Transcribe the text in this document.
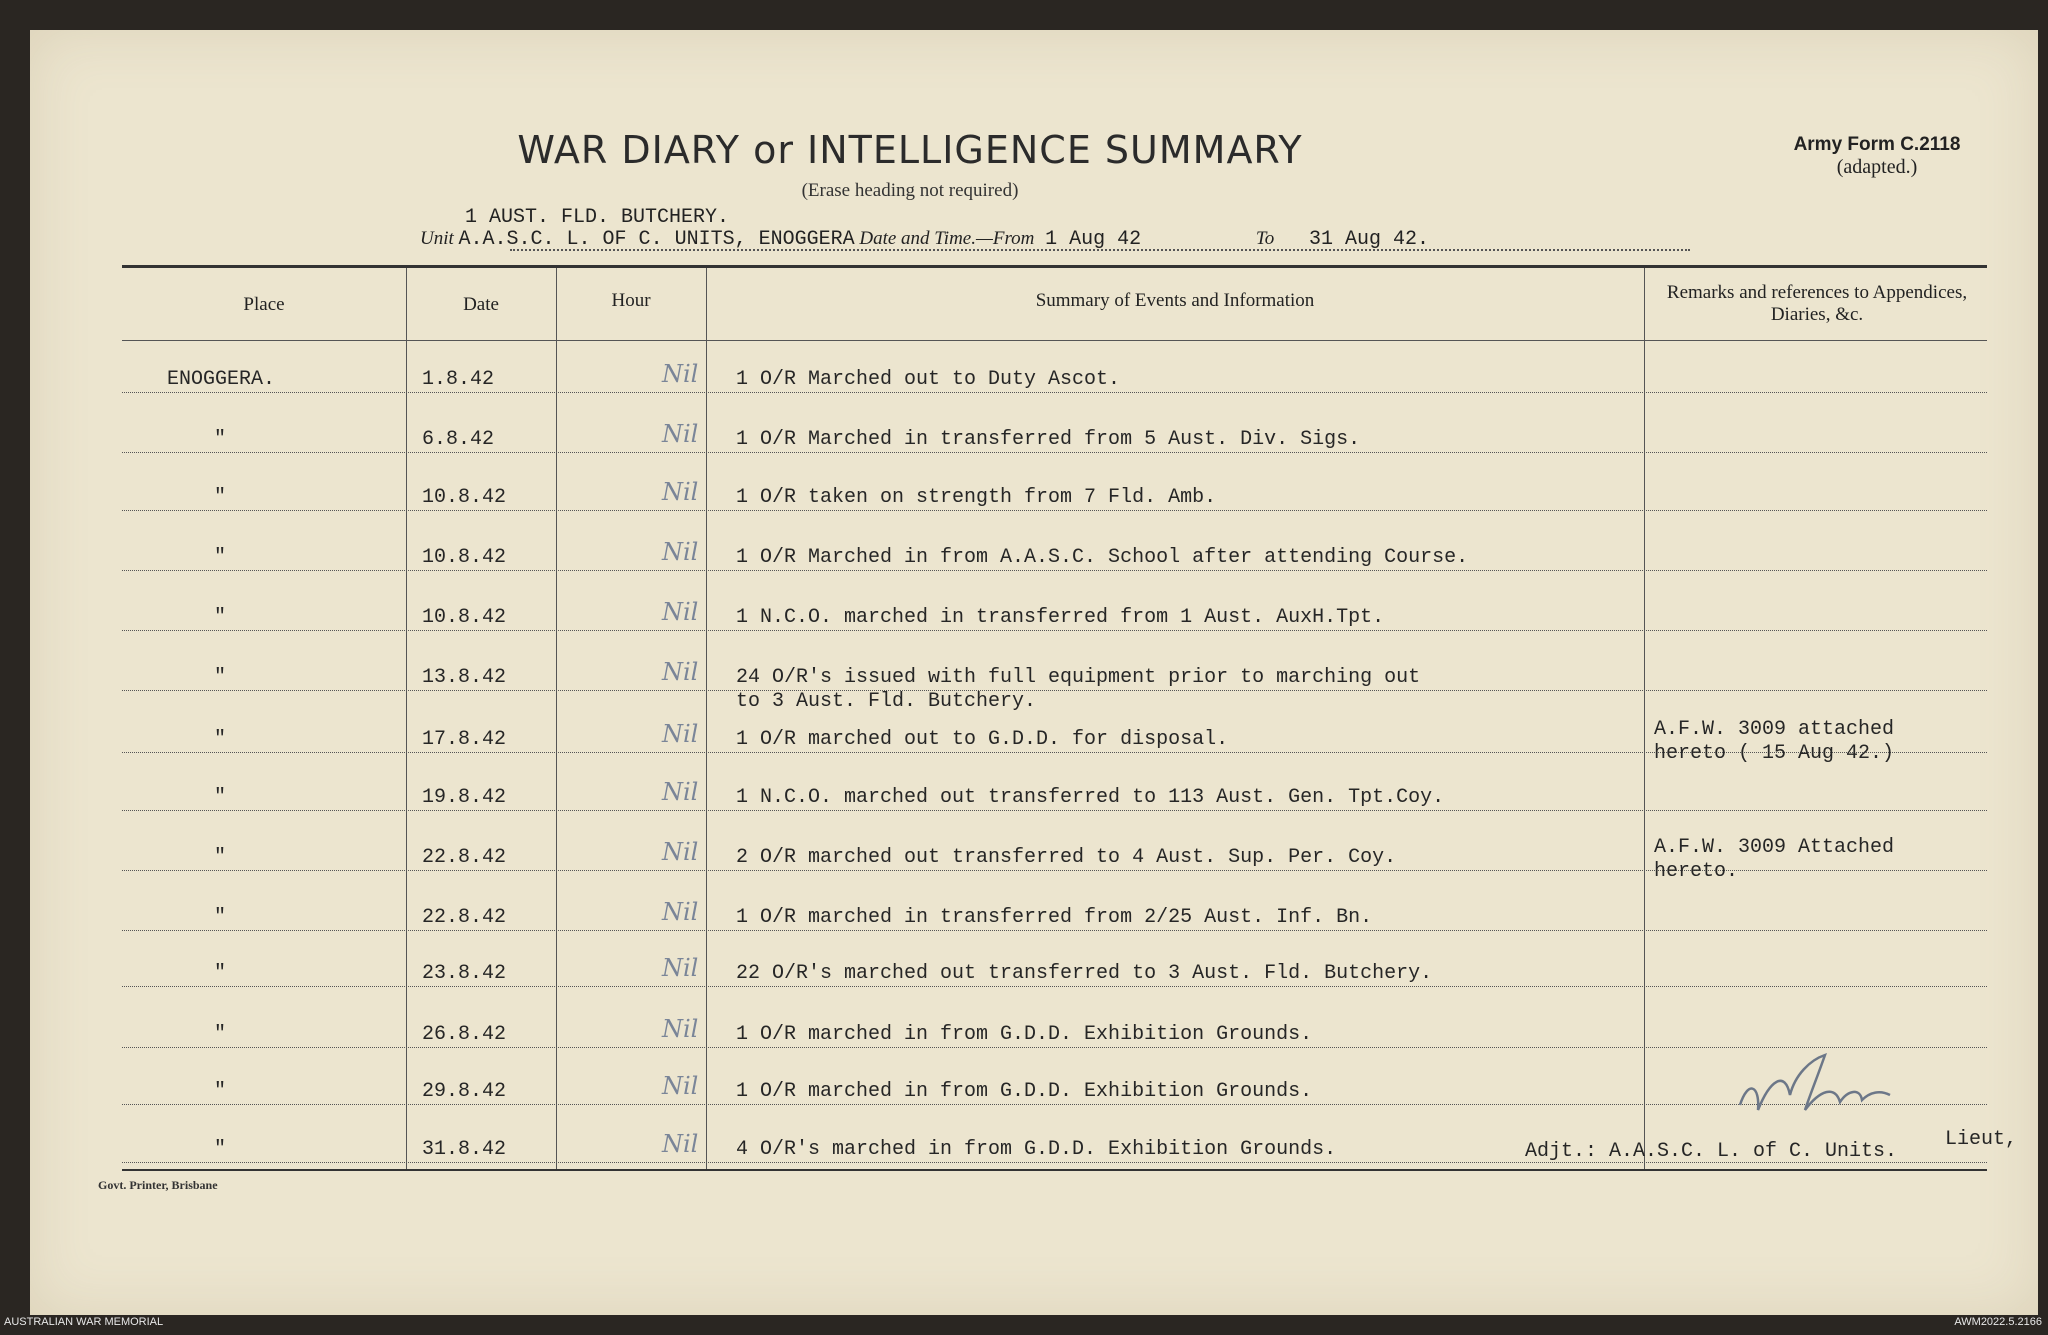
WAR DIARY or INTELLIGENCE SUMMARY
(Erase heading not required)
Army Form C.2118
(adapted.)
1 AUST. FLD. BUTCHERY.
Unit A.A.S.C. L. OF C. UNITS, ENOGGERA Date and Time.—From 1 Aug 42	To 31 Aug 42.
Place	Date	Hour	Summary of Events and Information	Remarks and references to Appendices, Diaries, &c.
ENOGGERA.	1.8.42	Nil 1 O/R Marched out to Duty Ascot.
"	6.8.42	Nil 1 O/R Marched in transferred from 5 Aust. Div. Sigs.
"	10.8.42	Nil 1 O/R taken on strength from 7 Fld. Amb.
"	10.8.42	Nil 1 O/R Marched in from A.A.S.C. School after attending Course.
"	10.8.42	Nil 1 N.C.O. marched in transferred from 1 Aust. AuxH.Tpt.
"	13.8.42	Nil 24 O/R's issued with full equipment prior to marching out
to 3 Aust. Fld. Butchery.
"	17.8.42	Nil 1 O/R marched out to G.D.D. for disposal.	A.F.W. 3009 attached
hereto ( 15 Aug 42.)
"	19.8.42	Nil 1 N.C.O. marched out transferred to 113 Aust. Gen. Tpt.Coy.
"	22.8.42	Nil 2 O/R marched out transferred to 4 Aust. Sup. Per. Coy.	A.F.W. 3009 Attached
hereto.
"	22.8.42	Nil 1 O/R marched in transferred from 2/25 Aust. Inf. Bn.
"	23.8.42	Nil 22 O/R's marched out transferred to 3 Aust. Fld. Butchery.
"	26.8.42	Nil 1 O/R marched in from G.D.D. Exhibition Grounds.
"	29.8.42	Nil 1 O/R marched in from G.D.D. Exhibition Grounds.
"	31.8.42	Nil 4 O/R's marched in from G.D.D. Exhibition Grounds.
Govt. Printer, Brisbane
Lieut,
Adjt.: A.A.S.C. L. of C. Units.
AUSTRALIAN WAR MEMORIAL	AWM2022.5.2166
